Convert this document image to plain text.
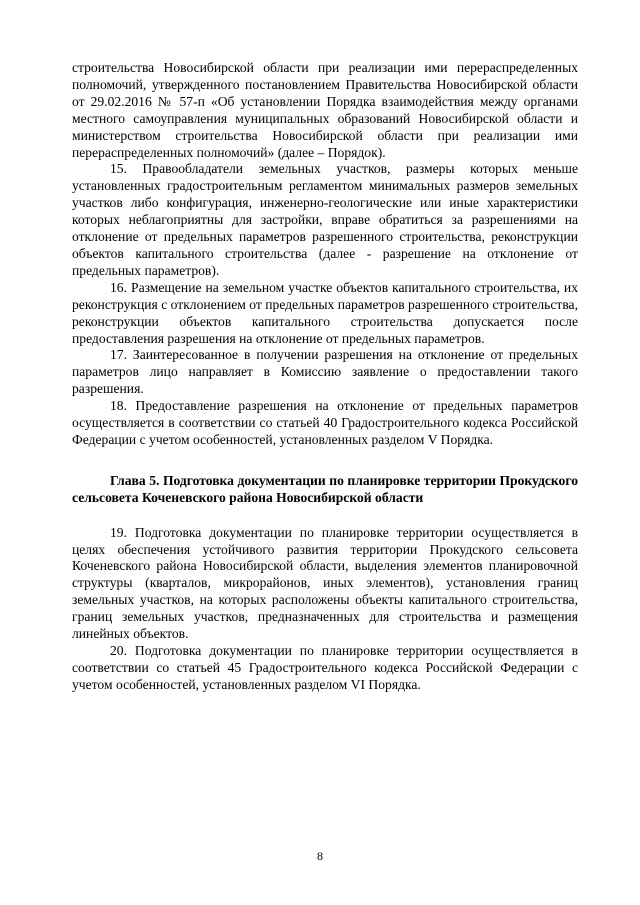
строительства Новосибирской области при реализации ими перераспределенных полномочий, утвержденного постановлением Правительства Новосибирской области от 29.02.2016 № 57-п «Об установлении Порядка взаимодействия между органами местного самоуправления муниципальных образований Новосибирской области и министерством строительства Новосибирской области при реализации ими перераспределенных полномочий» (далее – Порядок).

15. Правообладатели земельных участков, размеры которых меньше установленных градостроительным регламентом минимальных размеров земельных участков либо конфигурация, инженерно-геологические или иные характеристики которых неблагоприятны для застройки, вправе обратиться за разрешениями на отклонение от предельных параметров разрешенного строительства, реконструкции объектов капитального строительства (далее - разрешение на отклонение от предельных параметров).

16. Размещение на земельном участке объектов капитального строительства, их реконструкция с отклонением от предельных параметров разрешенного строительства, реконструкции объектов капитального строительства допускается после предоставления разрешения на отклонение от предельных параметров.

17. Заинтересованное в получении разрешения на отклонение от предельных параметров лицо направляет в Комиссию заявление о предоставлении такого разрешения.

18. Предоставление разрешения на отклонение от предельных параметров осуществляется в соответствии со статьей 40 Градостроительного кодекса Российской Федерации с учетом особенностей, установленных разделом V Порядка.

Глава 5. Подготовка документации по планировке территории Прокудского сельсовета Коченевского района Новосибирской области

19. Подготовка документации по планировке территории осуществляется в целях обеспечения устойчивого развития территории Прокудского сельсовета Коченевского района Новосибирской области, выделения элементов планировочной структуры (кварталов, микрорайонов, иных элементов), установления границ земельных участков, на которых расположены объекты капитального строительства, границ земельных участков, предназначенных для строительства и размещения линейных объектов.

20. Подготовка документации по планировке территории осуществляется в соответствии со статьей 45 Градостроительного кодекса Российской Федерации с учетом особенностей, установленных разделом VI Порядка.

8
